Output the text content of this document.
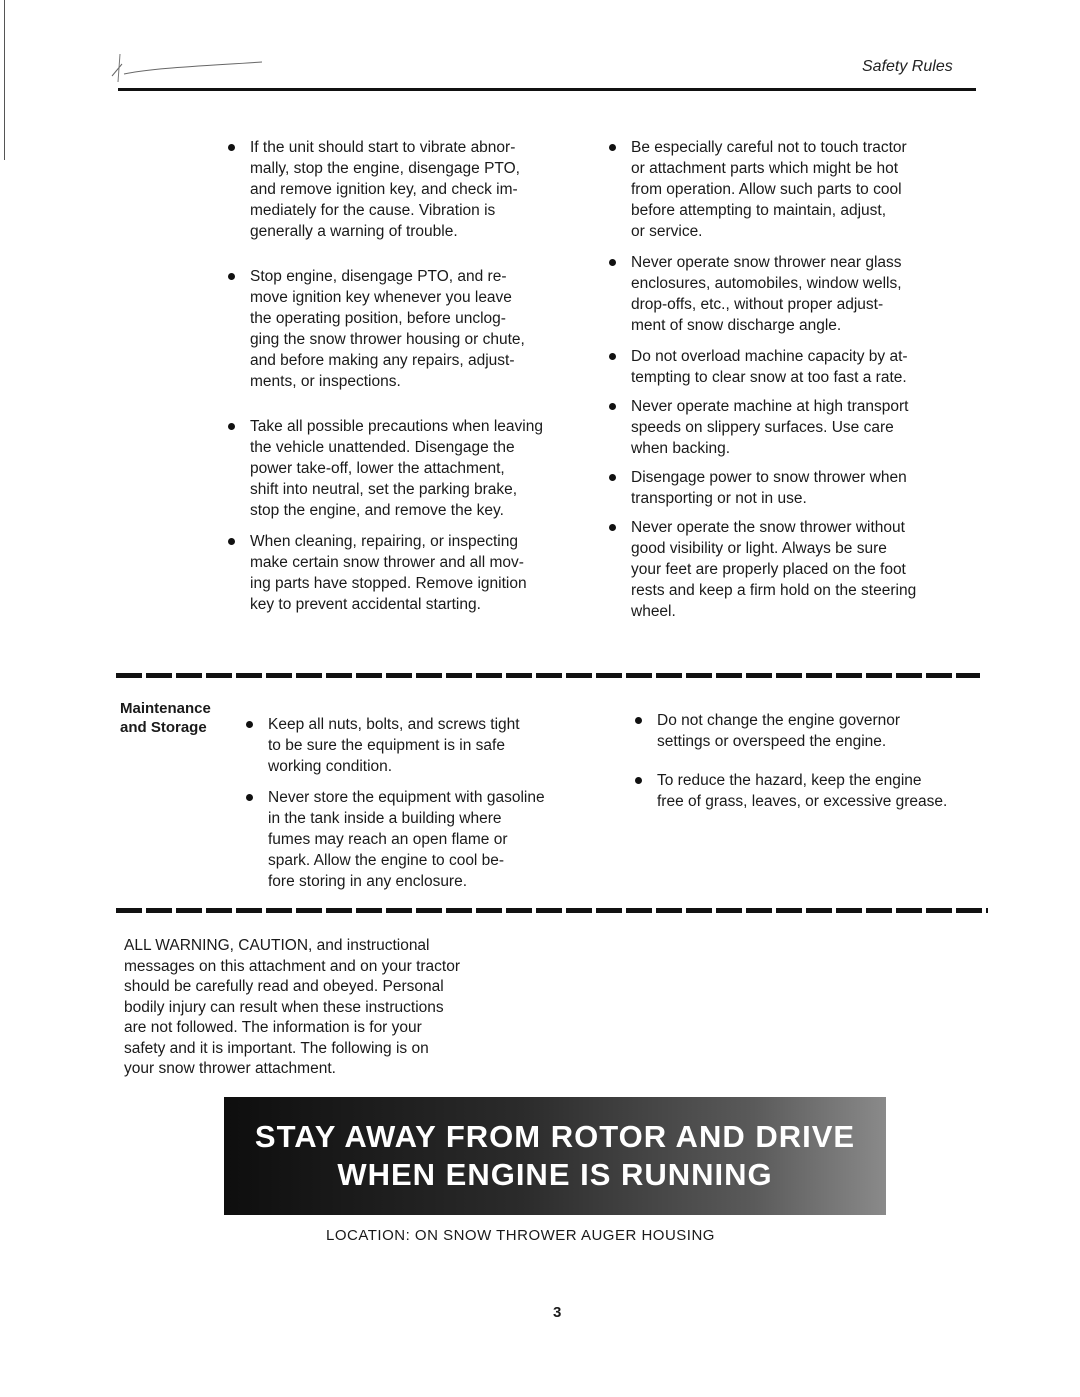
Safety Rules
If the unit should start to vibrate abnor-
mally, stop the engine, disengage PTO,
and remove ignition key, and check im-
mediately for the cause. Vibration is
generally a warning of trouble.
Stop engine, disengage PTO, and re-
move ignition key whenever you leave
the operating position, before unclog-
ging the snow thrower housing or chute,
and before making any repairs, adjust-
ments, or inspections.
Take all possible precautions when leaving
the vehicle unattended. Disengage the
power take-off, lower the attachment,
shift into neutral, set the parking brake,
stop the engine, and remove the key.
When cleaning, repairing, or inspecting
make certain snow thrower and all mov-
ing parts have stopped. Remove ignition
key to prevent accidental starting.
Be especially careful not to touch tractor
or attachment parts which might be hot
from operation. Allow such parts to cool
before attempting to maintain, adjust,
or service.
Never operate snow thrower near glass
enclosures, automobiles, window wells,
drop-offs, etc., without proper adjust-
ment of snow discharge angle.
Do not overload machine capacity by at-
tempting to clear snow at too fast a rate.
Never operate machine at high transport
speeds on slippery surfaces. Use care
when backing.
Disengage power to snow thrower when
transporting or not in use.
Never operate the snow thrower without
good visibility or light. Always be sure
your feet are properly placed on the foot
rests and keep a firm hold on the steering
wheel.
Maintenance
and Storage	Keep all nuts, bolts, and screws tight
to be sure the equipment is in safe
working condition.
Never store the equipment with gasoline
in the tank inside a building where
fumes may reach an open flame or
spark. Allow the engine to cool be-
fore storing in any enclosure.
Do not change the engine governor
settings or overspeed the engine.
To reduce the hazard, keep the engine
free of grass, leaves, or excessive grease.
ALL WARNING, CAUTION, and instructional
messages on this attachment and on your tractor
should be carefully read and obeyed. Personal
bodily injury can result when these instructions
are not followed. The information is for your
safety and it is important. The following is on
your snow thrower attachment.
STAY AWAY FROM ROTOR AND DRIVE
WHEN ENGINE IS RUNNING
LOCATION: ON SNOW THROWER AUGER HOUSING
3
